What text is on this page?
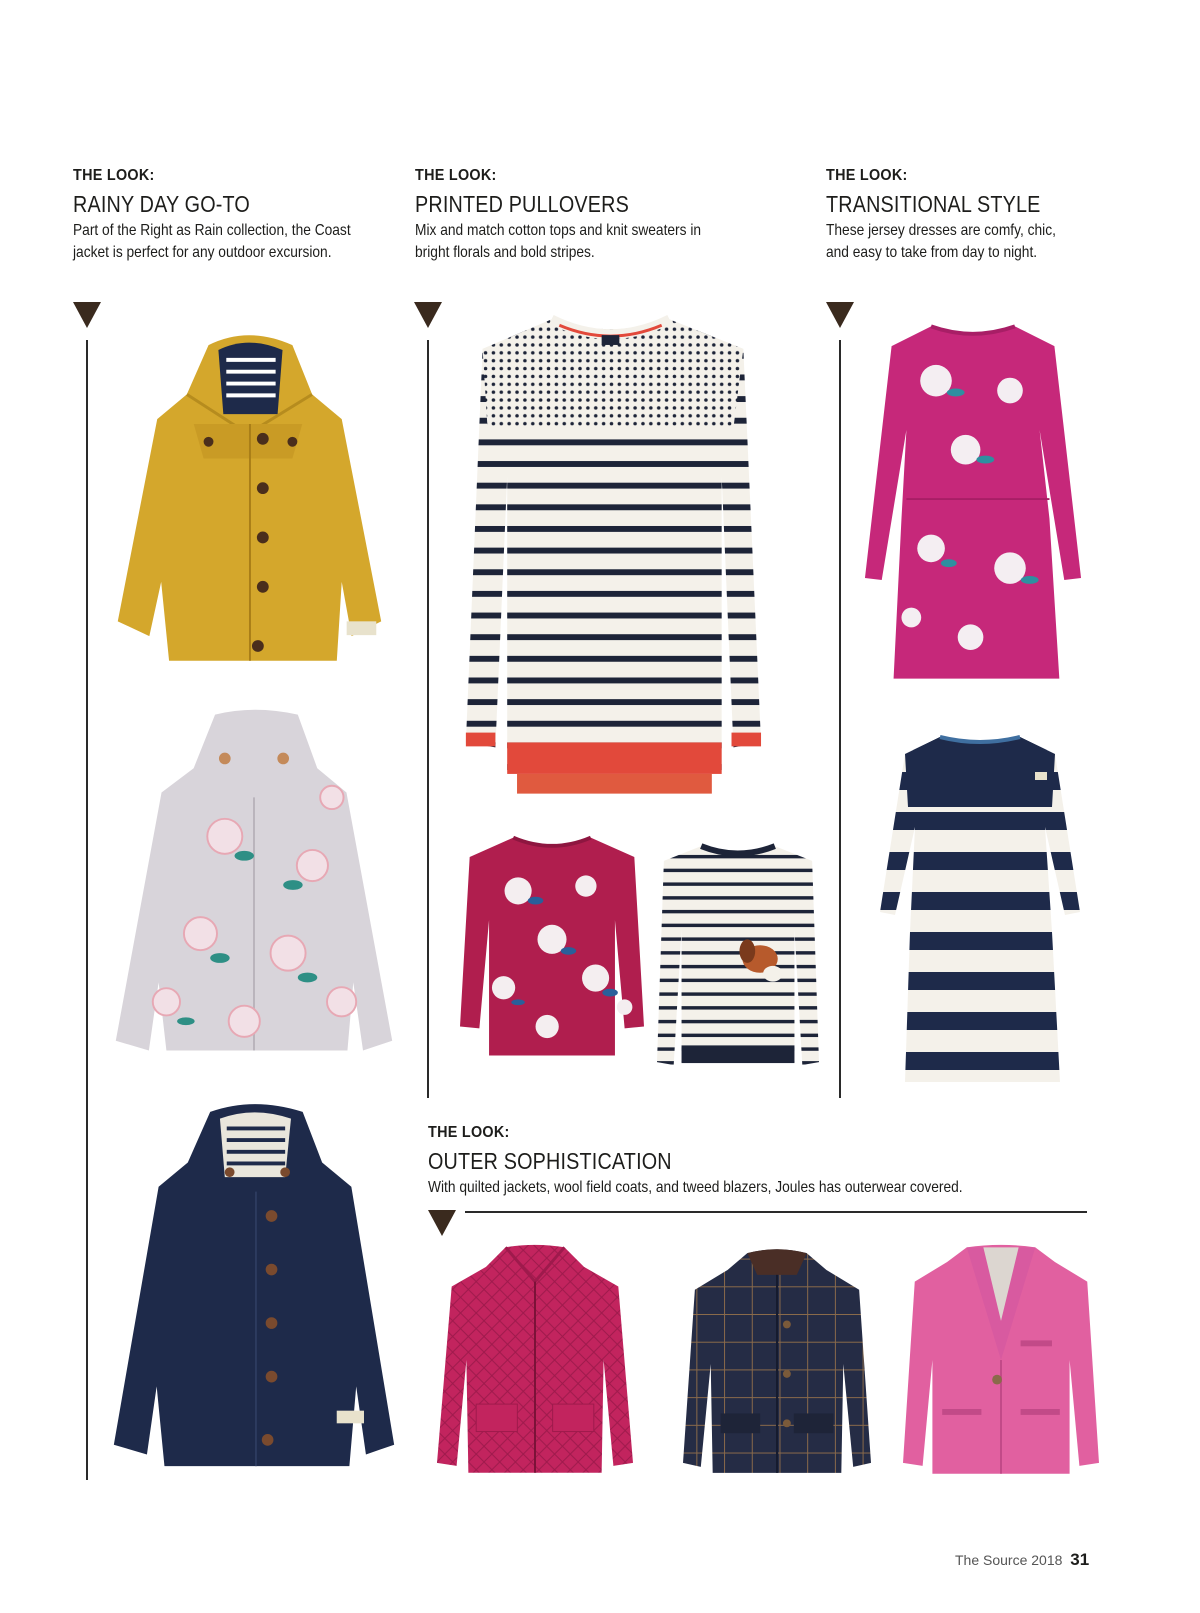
THE LOOK:
RAINY DAY GO-TO
Part of the Right as Rain collection, the Coast
jacket is perfect for any outdoor excursion.
THE LOOK:
PRINTED PULLOVERS
Mix and match cotton tops and knit sweaters in
bright florals and bold stripes.
THE LOOK:
TRANSITIONAL STYLE
These jersey dresses are comfy, chic,
and easy to take from day to night.
THE LOOK:
OUTER SOPHISTICATION
With quilted jackets, wool field coats, and tweed blazers, Joules has outerwear covered.
The Source 2018 31
